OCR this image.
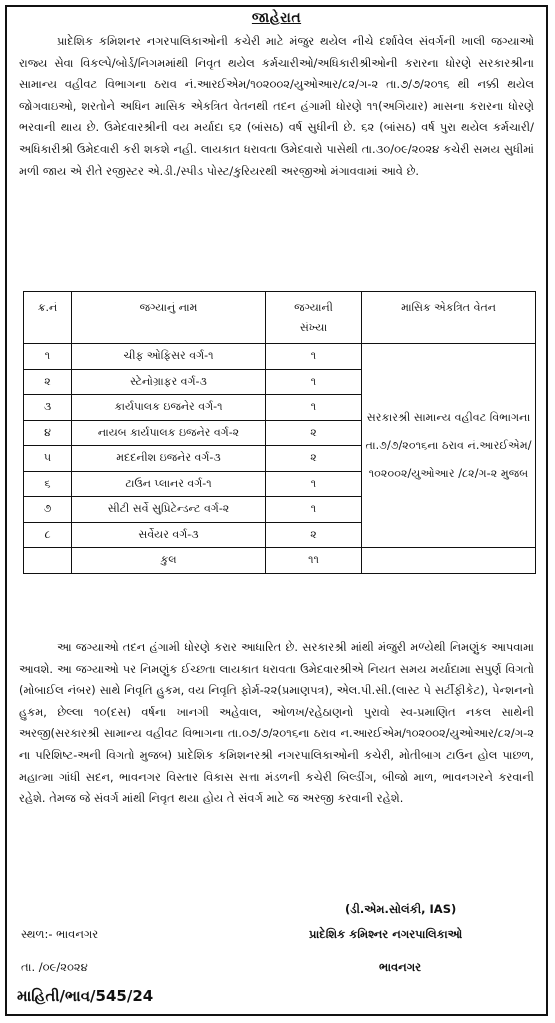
જાહેરાત

પ્રાદેશિક કમિશનર નગરપાલિકાઓની કચેરી માટે મંજુર થયેલ નીચે દર્શાવેલ સંવર્ગની ખાલી જગ્યાઓ રાજ્ય સેવા વિકલ્પે/બોર્ડ/નિગમમાંથી નિવૃત થયેલ કર્મચારીઓ/અધિકારીશ્રીઓની કરારના ધોરણે સરકારશ્રીના સામાન્ય વહીવટ વિભાગના ઠરાવ નં.આરઈએમ/૧૦૨૦૦૨/યુઓઆર/૮૨/ગ-૨ તા.૭/૭/૨૦૧૬ થી નક્કી થયેલ જોગવાઇઓ, શરતોને અધિન માસિક એકત્રિત વેતનથી તદન હંગામી ધોરણે ૧૧(અગિયાર) માસના કરારના ધોરણે ભરવાની થાય છે. ઉમેદવારશ્રીની વય મર્યાદા ૬૨ (બાંસઠ) વર્ષ સુધીની છે. ૬૨ (બાંસઠ) વર્ષ પુરા થયેલ કર્મચારી/અધિકારીશ્રી ઉમેદવારી કરી શકશે નહી. લાયકાત ધરાવતા ઉમેદવારો પાસેથી તા.૩૦/૦૯/૨૦૨૪ કચેરી સમય સુધીમાં મળી જાય એ રીતે રજીસ્ટર એ.ડી./સ્પીડ પોસ્ટ/કુરિયરથી અરજીઓ મંગાવવામાં આવે છે.

ક્ર.નં	જગ્યાનું નામ	જગ્યાની સંખ્યા	માસિક એકત્રિત વેતન
૧	ચીફ ઓફિસર વર્ગ-૧	૧	સરકારશ્રી સામાન્ય વહીવટ વિભાગના તા.૭/૭/૨૦૧૬ના ઠરાવ નં.આરઈએમ/૧૦૨૦૦૨/યુઓઆર /૮૨/ગ-૨ મુજબ
૨	સ્ટેનોગ્રાફર વર્ગ-૩	૧	
૩	કાર્યપાલક ઇજનેર વર્ગ-૧	૧	
૪	નાયબ કાર્યપાલક ઇજનેર વર્ગ-૨	૨	
૫	મદદનીશ ઇજનેર વર્ગ-૩	૨	
૬	ટાઉન પ્લાનર વર્ગ-૧	૧	
૭	સીટી સર્વે સુપ્રિટેન્ડન્ટ વર્ગ-૨	૧	
૮	સર્વેયર વર્ગ-૩	૨	
	કુલ	૧૧	

આ જગ્યાઓ તદન હંગામી ધોરણે કરાર આધારિત છે. સરકારશ્રી માંથી મંજુરી મળ્યેથી નિમણુંક આપવામા આવશે. આ જગ્યાઓ પર નિમણુંક ઈચ્છતા લાયકાત ધરાવતા ઉમેદવારશ્રીએ નિયત સમય મર્યાદામા સપુર્ણ વિગતો (મોબાઈલ નંબર) સાથે નિવૃતિ હુકમ, વય નિવૃતિ ફોર્મ-૨૨(પ્રમાણપત્ર), એલ.પી.સી.(લાસ્ટ પે સર્ટીફીકેટ), પેન્શનનો હુકમ, છેલ્લા ૧૦(દસ) વર્ષના ખાનગી અહેવાલ, ઓળખ/રહેઠાણનો પુરાવો સ્વ-પ્રમાણિત નકલ સાથેની અરજી(સરકારશ્રી સામાન્ય વહીવટ વિભાગના તા.૦૭/૭/૨૦૧૬ના ઠરાવ ન.આરઈએમ/૧૦૨૦૦૨/યુઓઆર/૮૨/ગ-૨ ના પરિશિષ્ટ-અની વિગતો મુજબ) પ્રાદેશિક કમિશનરશ્રી નગરપાલિકાઓની કચેરી, મોતીબાગ ટાઉન હોલ પાછળ, મહાત્મા ગાંધી સદન, ભાવનગર વિસ્તાર વિકાસ સત્તા મંડળની કચેરી બિલ્ડીંગ, બીજો માળ, ભાવનગરને કરવાની રહેશે. તેમજ જે સંવર્ગ માંથી નિવૃત થયા હોય તે સંવર્ગ માટે જ અરજી કરવાની રહેશે.

(ડી.એમ.સોલંકી, IAS)
સ્થળ:- ભાવનગર	પ્રાદેશિક કમિશ્નર નગરપાલિકાઓ
તા. /૦૯/૨૦૨૪	ભાવનગર
માહિતી/ભાવ/545/24
